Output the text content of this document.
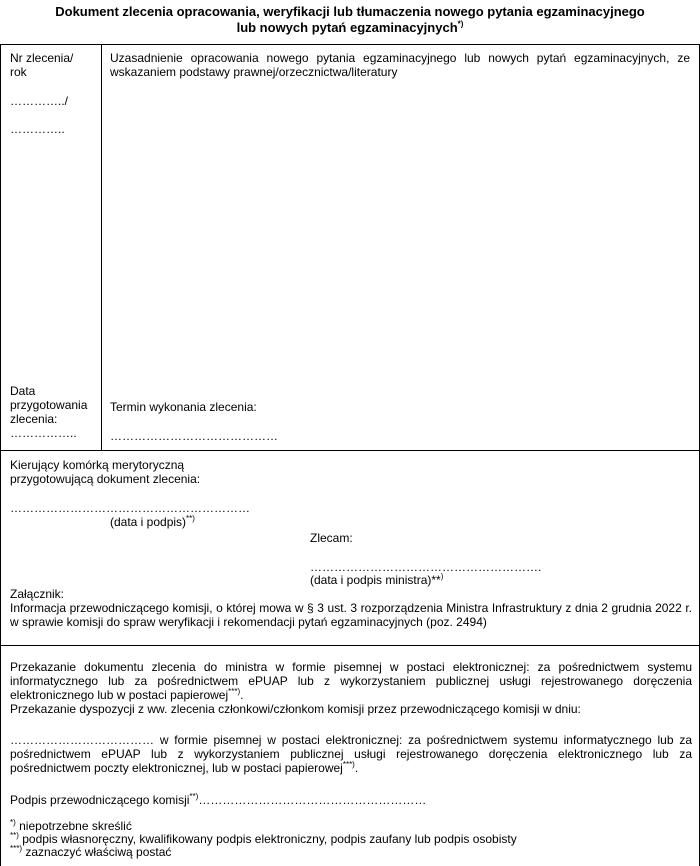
Dokument zlecenia opracowania, weryfikacji lub tłumaczenia nowego pytania egzaminacyjnego
lub nowych pytań egzaminacyjnych*)
Nr zlecenia/
rok
…………../
…………..
Uzasadnienie opracowania nowego pytania egzaminacyjnego lub nowych pytań egzaminacyjnych, ze wskazaniem podstawy prawnej/orzecznictwa/literatury
Data
przygotowania
zlecenia:
……………..
Termin wykonania zlecenia:
……………………………………
Kierujący komórką merytoryczną
przygotowującą dokument zlecenia:
……………………………………………………
(data i podpis)**)
Zlecam:
………………………………………………….
(data i podpis ministra)**)
Załącznik:
Informacja przewodniczącego komisji, o której mowa w § 3 ust. 3 rozporządzenia Ministra Infrastruktury z dnia 2 grudnia 2022 r. w sprawie komisji do spraw weryfikacji i rekomendacji pytań egzaminacyjnych (poz. 2494)
Przekazanie dokumentu zlecenia do ministra w formie pisemnej w postaci elektronicznej: za pośrednictwem systemu informatycznego lub za pośrednictwem ePUAP lub z wykorzystaniem publicznej usługi rejestrowanego doręczenia elektronicznego lub w postaci papierowej***).
Przekazanie dyspozycji z ww. zlecenia członkowi/członkom komisji przez przewodniczącego komisji w dniu:
……………………………… w formie pisemnej w postaci elektronicznej: za pośrednictwem systemu informatycznego lub za pośrednictwem ePUAP lub z wykorzystaniem publicznej usługi rejestrowanego doręczenia elektronicznego lub za pośrednictwem poczty elektronicznej, lub w postaci papierowej***).
Podpis przewodniczącego komisji**)…………………………………………………
*) niepotrzebne skreślić
**) podpis własnoręczny, kwalifikowany podpis elektroniczny, podpis zaufany lub podpis osobisty
***) zaznaczyć właściwą postać
